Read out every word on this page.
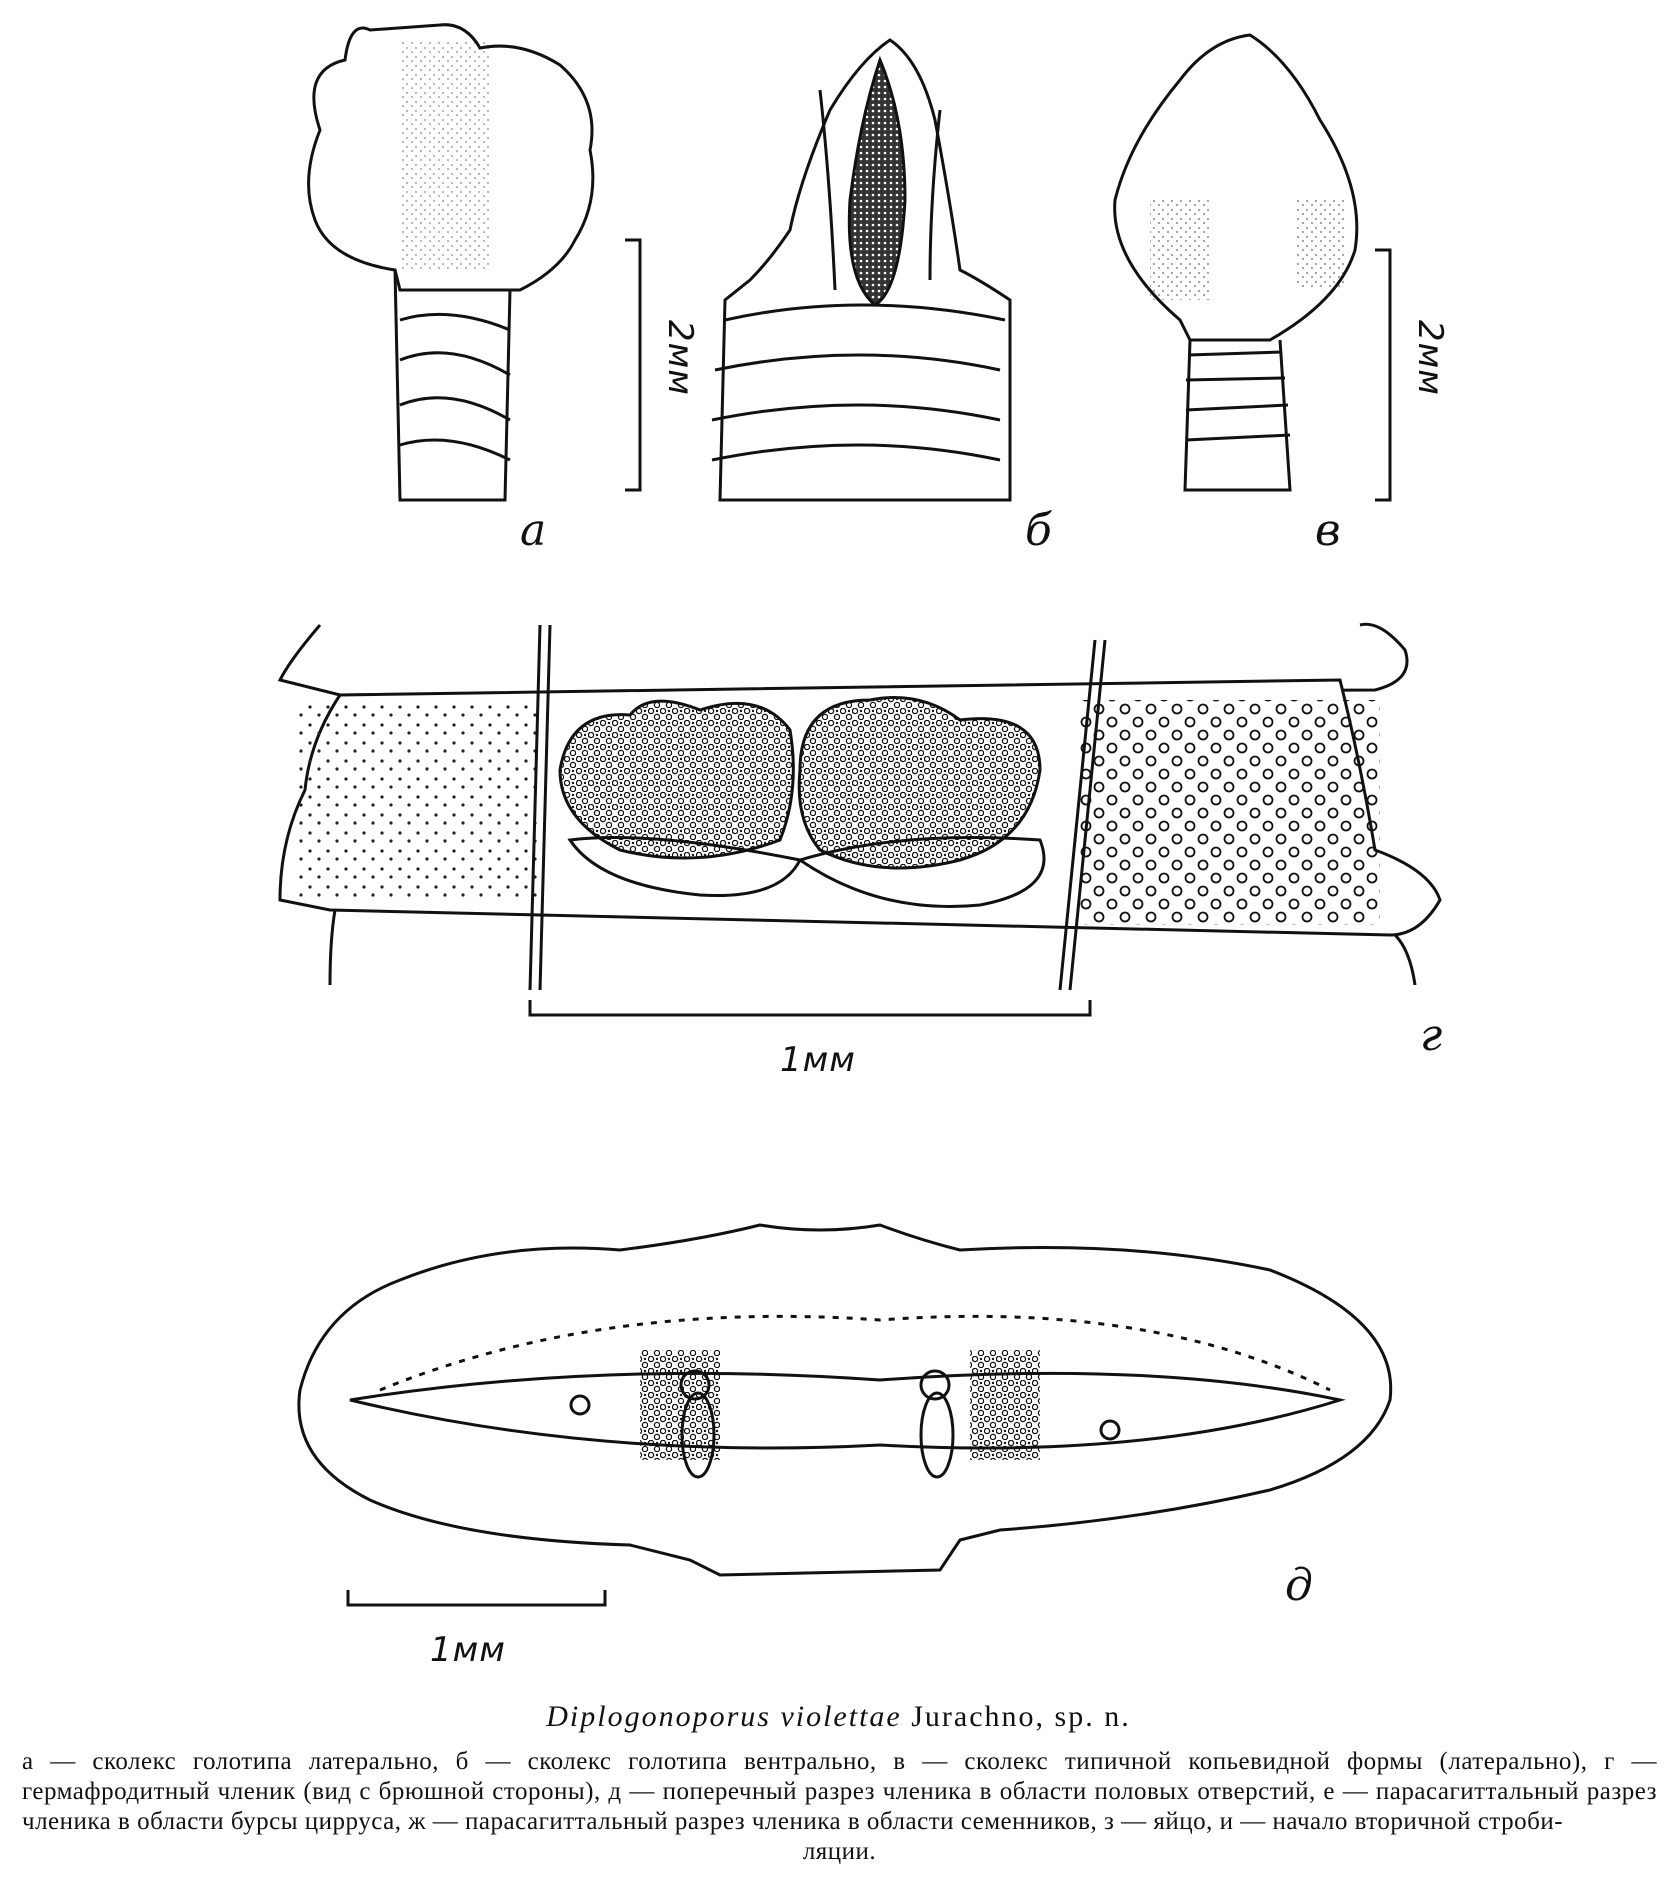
а	б	в
г
д
2мм	2мм
1мм
1мм
Diplogonoporus violettae Jurachno, sp. n.
а — сколекс голотипа латерально, б — сколекс голотипа вентрально, в — сколекс типичной копьевидной формы (латерально), г — гермафродитный членик (вид с брюшной стороны), д — поперечный разрез членика в области половых отверстий, е — парасагиттальный разрез членика в области бурсы цирруса, ж — парасагиттальный разрез членика в области семенников, з — яйцо, и — начало вторичной строби-
ляции.
